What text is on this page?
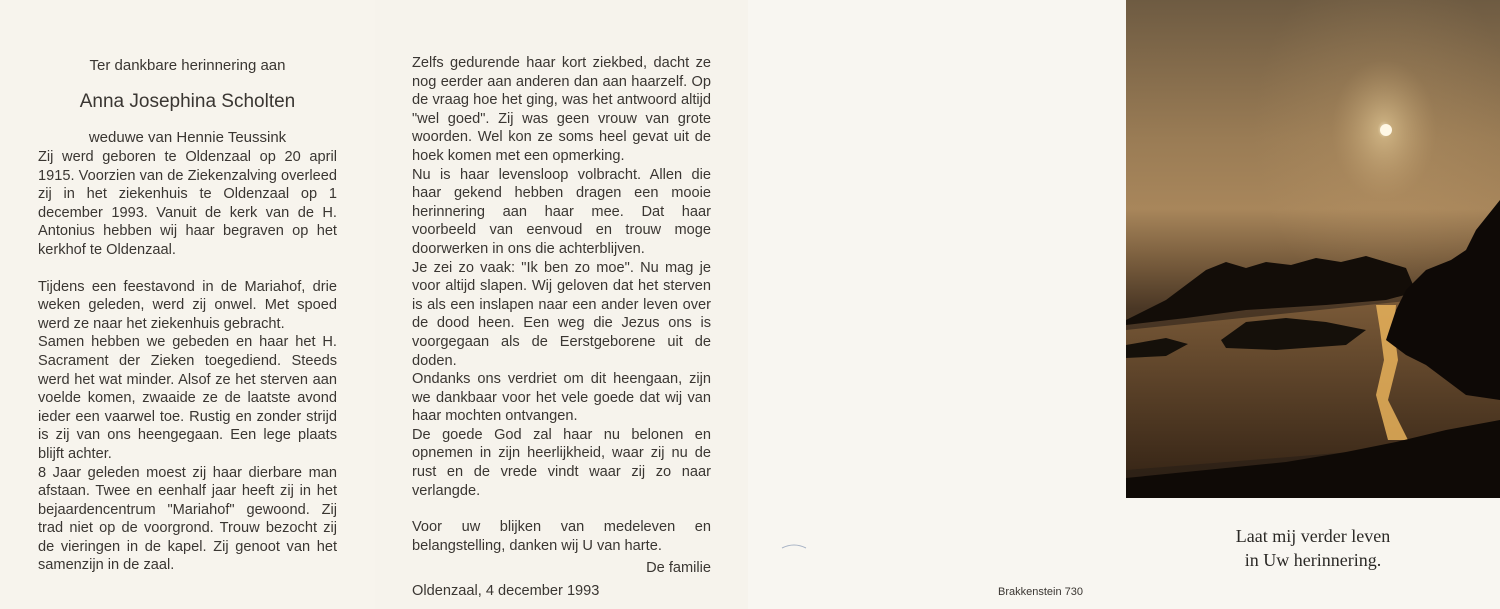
Ter dankbare herinnering aan

Anna Josephina Scholten

weduwe van Hennie Teussink

Zij werd geboren te Oldenzaal op 20 april 1915. Voorzien van de Ziekenzalving overleed zij in het ziekenhuis te Oldenzaal op 1 december 1993. Vanuit de kerk van de H. Antonius hebben wij haar begraven op het kerkhof te Oldenzaal.

Tijdens een feestavond in de Mariahof, drie weken geleden, werd zij onwel. Met spoed werd ze naar het ziekenhuis gebracht.

Samen hebben we gebeden en haar het H. Sacrament der Zieken toegediend. Steeds werd het wat minder. Alsof ze het sterven aan voelde komen, zwaaide ze de laatste avond ieder een vaarwel toe. Rustig en zonder strijd is zij van ons heengegaan. Een lege plaats blijft achter.

8 Jaar geleden moest zij haar dierbare man afstaan. Twee en eenhalf jaar heeft zij in het bejaardencentrum "Mariahof" gewoond. Zij trad niet op de voorgrond. Trouw bezocht zij de vieringen in de kapel. Zij genoot van het samenzijn in de zaal.

Zelfs gedurende haar kort ziekbed, dacht ze nog eerder aan anderen dan aan haarzelf. Op de vraag hoe het ging, was het antwoord altijd "wel goed". Zij was geen vrouw van grote woorden. Wel kon ze soms heel gevat uit de hoek komen met een opmerking.

Nu is haar levensloop volbracht. Allen die haar gekend hebben dragen een mooie herinnering aan haar mee. Dat haar voorbeeld van eenvoud en trouw moge doorwerken in ons die achterblijven.

Je zei zo vaak: "Ik ben zo moe". Nu mag je voor altijd slapen. Wij geloven dat het sterven is als een inslapen naar een ander leven over de dood heen. Een weg die Jezus ons is voorgegaan als de Eerstgeborene uit de doden.

Ondanks ons verdriet om dit heengaan, zijn we dankbaar voor het vele goede dat wij van haar mochten ontvangen.

De goede God zal haar nu belonen en opnemen in zijn heerlijkheid, waar zij nu de rust en de vrede vindt waar zij zo naar verlangde.

Voor uw blijken van medeleven en belangstelling, danken wij U van harte.

De familie

Oldenzaal, 4 december 1993

Laat mij verder leven

in Uw herinnering.

Brakkenstein 730
